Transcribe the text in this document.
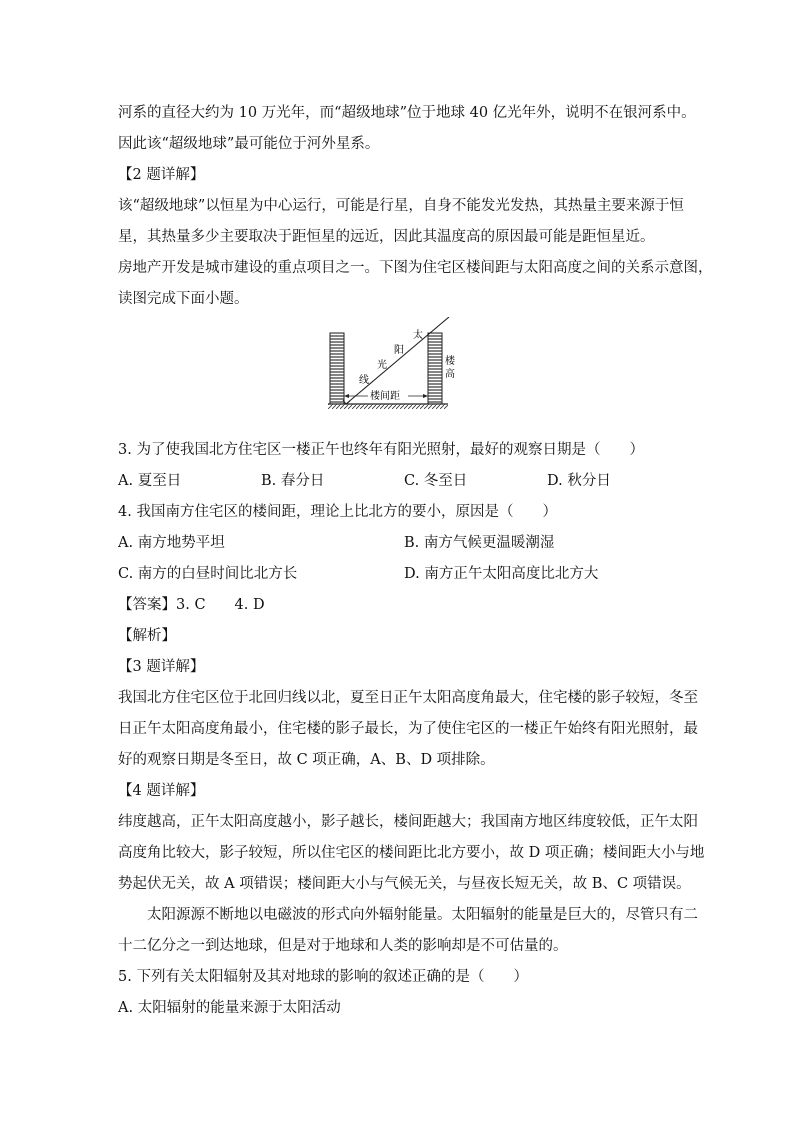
河系的直径大约为 10 万光年，而“超级地球”位于地球 40 亿光年外，说明不在银河系中。
因此该“超级地球”最可能位于河外星系。
【2 题详解】
该“超级地球”以恒星为中心运行，可能是行星，自身不能发光发热，其热量主要来源于恒
星，其热量多少主要取决于距恒星的远近，因此其温度高的原因最可能是距恒星近。
房地产开发是城市建设的重点项目之一。下图为住宅区楼间距与太阳高度之间的关系示意图，
读图完成下面小题。
楼间距
太
阳
光
线
楼
高
3. 为了使我国北方住宅区一楼正午也终年有阳光照射，最好的观察日期是（　　）
A. 夏至日	B. 春分日	C. 冬至日	D. 秋分日
4. 我国南方住宅区的楼间距，理论上比北方的要小，原因是（　　）
A. 南方地势平坦	B. 南方气候更温暖潮湿
C. 南方的白昼时间比北方长	D. 南方正午太阳高度比北方大
【答案】3. C　　4. D
【解析】
【3 题详解】
我国北方住宅区位于北回归线以北，夏至日正午太阳高度角最大，住宅楼的影子较短，冬至
日正午太阳高度角最小，住宅楼的影子最长，为了使住宅区的一楼正午始终有阳光照射，最
好的观察日期是冬至日，故 C 项正确，A、B、D 项排除。
【4 题详解】
纬度越高，正午太阳高度越小，影子越长，楼间距越大；我国南方地区纬度较低，正午太阳
高度角比较大，影子较短，所以住宅区的楼间距比北方要小，故 D 项正确；楼间距大小与地
势起伏无关，故 A 项错误；楼间距大小与气候无关，与昼夜长短无关，故 B、C 项错误。
太阳源源不断地以电磁波的形式向外辐射能量。太阳辐射的能量是巨大的，尽管只有二
十二亿分之一到达地球，但是对于地球和人类的影响却是不可估量的。
5. 下列有关太阳辐射及其对地球的影响的叙述正确的是（　　）
A. 太阳辐射的能量来源于太阳活动
